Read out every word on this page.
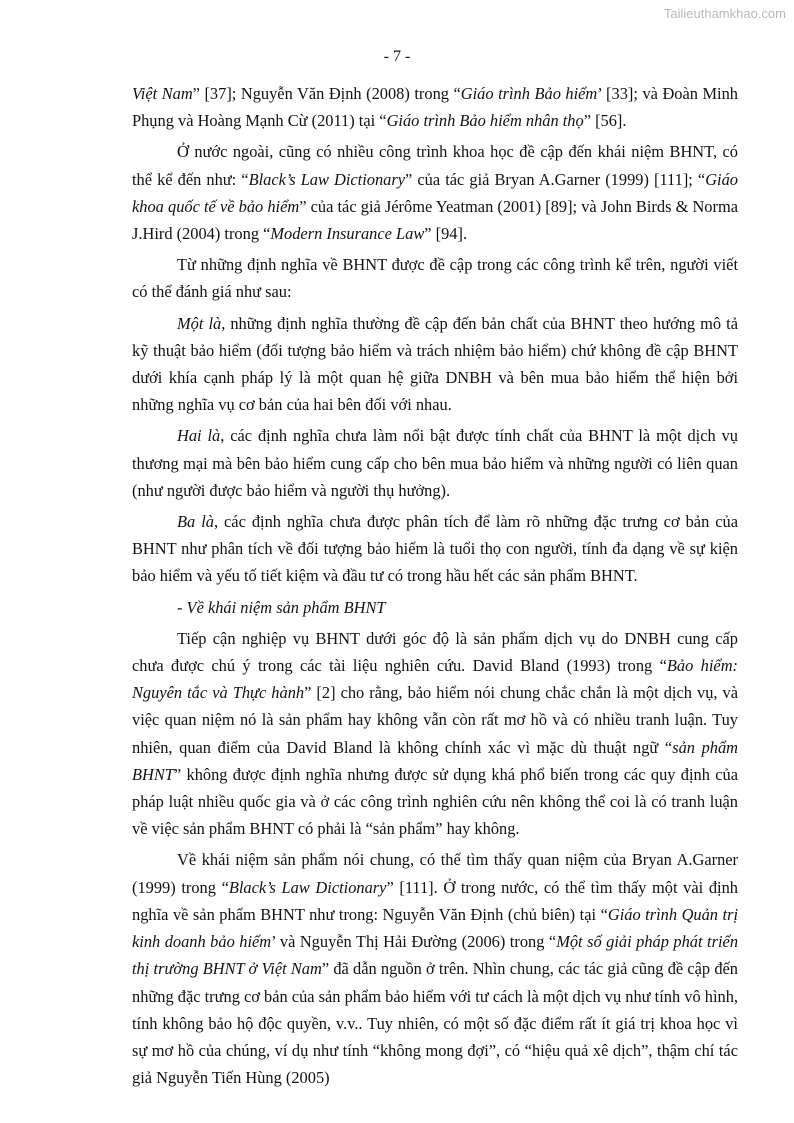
Tailieuthamkhao.com
- 7 -

Việt Nam” [37]; Nguyễn Văn Định (2008) trong “Giáo trình Bảo hiểm’ [33]; và Đoàn Minh Phụng và Hoàng Mạnh Cừ (2011) tại “Giáo trình Bảo hiểm nhân thọ” [56].

Ở nước ngoài, cũng có nhiều công trình khoa học đề cập đến khái niệm BHNT, có thể kể đến như: “Black’s Law Dictionary” của tác giả Bryan A.Garner (1999) [111]; “Giáo khoa quốc tế về bảo hiểm” của tác giả Jérôme Yeatman (2001) [89]; và John Birds & Norma J.Hird (2004) trong “Modern Insurance Law” [94].

Từ những định nghĩa về BHNT được đề cập trong các công trình kể trên, người viết có thể đánh giá như sau:

Một là, những định nghĩa thường đề cập đến bản chất của BHNT theo hướng mô tả kỹ thuật bảo hiểm (đối tượng bảo hiểm và trách nhiệm bảo hiểm) chứ không đề cập BHNT dưới khía cạnh pháp lý là một quan hệ giữa DNBH và bên mua bảo hiểm thể hiện bởi những nghĩa vụ cơ bản của hai bên đối với nhau.

Hai là, các định nghĩa chưa làm nổi bật được tính chất của BHNT là một dịch vụ thương mại mà bên bảo hiểm cung cấp cho bên mua bảo hiểm và những người có liên quan (như người được bảo hiểm và người thụ hưởng).

Ba là, các định nghĩa chưa được phân tích để làm rõ những đặc trưng cơ bản của BHNT như phân tích về đối tượng bảo hiểm là tuổi thọ con người, tính đa dạng về sự kiện bảo hiểm và yếu tố tiết kiệm và đầu tư có trong hầu hết các sản phẩm BHNT.

- Về khái niệm sản phẩm BHNT

Tiếp cận nghiệp vụ BHNT dưới góc độ là sản phẩm dịch vụ do DNBH cung cấp chưa được chú ý trong các tài liệu nghiên cứu. David Bland (1993) trong “Bảo hiểm: Nguyên tắc và Thực hành” [2] cho rằng, bảo hiểm nói chung chắc chắn là một dịch vụ, và việc quan niệm nó là sản phẩm hay không vẫn còn rất mơ hồ và có nhiều tranh luận. Tuy nhiên, quan điểm của David Bland là không chính xác vì mặc dù thuật ngữ “sản phẩm BHNT” không được định nghĩa nhưng được sử dụng khá phổ biến trong các quy định của pháp luật nhiều quốc gia và ở các công trình nghiên cứu nên không thể coi là có tranh luận về việc sản phẩm BHNT có phải là “sản phẩm” hay không.

Về khái niệm sản phẩm nói chung, có thể tìm thấy quan niệm của Bryan A.Garner (1999) trong “Black’s Law Dictionary” [111]. Ở trong nước, có thể tìm thấy một vài định nghĩa về sản phẩm BHNT như trong: Nguyễn Văn Định (chủ biên) tại “Giáo trình Quản trị kinh doanh bảo hiểm’ và Nguyễn Thị Hải Đường (2006) trong “Một số giải pháp phát triển thị trường BHNT ở Việt Nam” đã dẫn nguồn ở trên. Nhìn chung, các tác giả cũng đề cập đến những đặc trưng cơ bản của sản phẩm bảo hiểm với tư cách là một dịch vụ như tính vô hình, tính không bảo hộ độc quyền, v.v.. Tuy nhiên, có một số đặc điểm rất ít giá trị khoa học vì sự mơ hồ của chúng, ví dụ như tính “không mong đợi”, có “hiệu quả xê dịch”, thậm chí tác giả Nguyễn Tiến Hùng (2005)
